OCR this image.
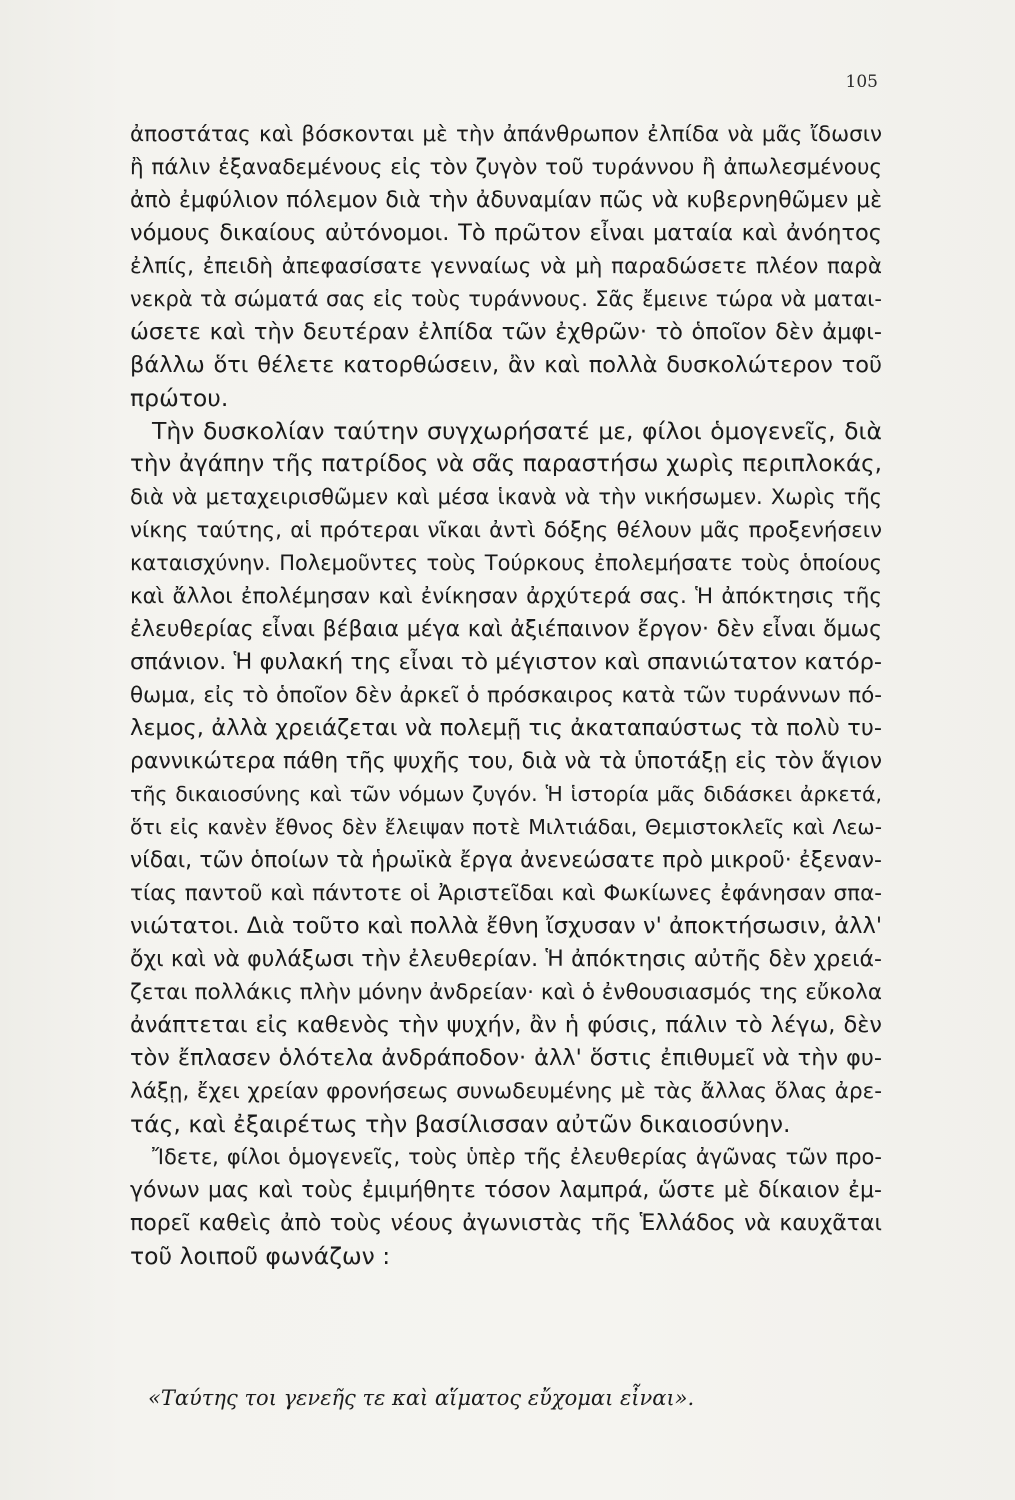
105
ἀποστάτας καὶ βόσκονται μὲ τὴν ἀπάνθρωπον ἐλπίδα νὰ μᾶς ἴδωσιν
ἢ πάλιν ἐξαναδεμένους εἰς τὸν ζυγὸν τοῦ τυράννου ἢ ἀπωλεσμένους
ἀπὸ ἐμφύλιον πόλεμον διὰ τὴν ἀδυναμίαν πῶς νὰ κυβερνηθῶμεν μὲ
νόμους δικαίους αὐτόνομοι. Τὸ πρῶτον εἶναι ματαία καὶ ἀνόητος
ἐλπίς, ἐπειδὴ ἀπεφασίσατε γενναίως νὰ μὴ παραδώσετε πλέον παρὰ
νεκρὰ τὰ σώματά σας εἰς τοὺς τυράννους. Σᾶς ἔμεινε τώρα νὰ μαται-
ώσετε καὶ τὴν δευτέραν ἐλπίδα τῶν ἐχθρῶν· τὸ ὁποῖον δὲν ἀμφι-
βάλλω ὅτι θέλετε κατορθώσειν, ἂν καὶ πολλὰ δυσκολώτερον τοῦ
πρώτου.
Τὴν δυσκολίαν ταύτην συγχωρήσατέ με, φίλοι ὁμογενεῖς, διὰ
τὴν ἀγάπην τῆς πατρίδος νὰ σᾶς παραστήσω χωρὶς περιπλοκάς,
διὰ νὰ μεταχειρισθῶμεν καὶ μέσα ἱκανὰ νὰ τὴν νικήσωμεν. Χωρὶς τῆς
νίκης ταύτης, αἱ πρότεραι νῖκαι ἀντὶ δόξης θέλουν μᾶς προξενήσειν
καταισχύνην. Πολεμοῦντες τοὺς Τούρκους ἐπολεμήσατε τοὺς ὁποίους
καὶ ἄλλοι ἐπολέμησαν καὶ ἐνίκησαν ἀρχύτερά σας. Ἡ ἀπόκτησις τῆς
ἐλευθερίας εἶναι βέβαια μέγα καὶ ἀξιέπαινον ἔργον· δὲν εἶναι ὅμως
σπάνιον. Ἡ φυλακή της εἶναι τὸ μέγιστον καὶ σπανιώτατον κατόρ-
θωμα, εἰς τὸ ὁποῖον δὲν ἀρκεῖ ὁ πρόσκαιρος κατὰ τῶν τυράννων πό-
λεμος, ἀλλὰ χρειάζεται νὰ πολεμῇ τις ἀκαταπαύστως τὰ πολὺ τυ-
ραννικώτερα πάθη τῆς ψυχῆς του, διὰ νὰ τὰ ὑποτάξῃ εἰς τὸν ἅγιον
τῆς δικαιοσύνης καὶ τῶν νόμων ζυγόν. Ἡ ἱστορία μᾶς διδάσκει ἀρκετά,
ὅτι εἰς κανὲν ἔθνος δὲν ἔλειψαν ποτὲ Μιλτιάδαι, Θεμιστοκλεῖς καὶ Λεω-
νίδαι, τῶν ὁποίων τὰ ἡρωϊκὰ ἔργα ἀνενεώσατε πρὸ μικροῦ· ἐξεναν-
τίας παντοῦ καὶ πάντοτε οἱ Ἀριστεῖδαι καὶ Φωκίωνες ἐφάνησαν σπα-
νιώτατοι. Διὰ τοῦτο καὶ πολλὰ ἔθνη ἴσχυσαν ν' ἀποκτήσωσιν, ἀλλ'
ὄχι καὶ νὰ φυλάξωσι τὴν ἐλευθερίαν. Ἡ ἀπόκτησις αὐτῆς δὲν χρειά-
ζεται πολλάκις πλὴν μόνην ἀνδρείαν· καὶ ὁ ἐνθουσιασμός της εὔκολα
ἀνάπτεται εἰς καθενὸς τὴν ψυχήν, ἂν ἡ φύσις, πάλιν τὸ λέγω, δὲν
τὸν ἔπλασεν ὁλότελα ἀνδράποδον· ἀλλ' ὅστις ἐπιθυμεῖ νὰ τὴν φυ-
λάξῃ, ἔχει χρείαν φρονήσεως συνωδευμένης μὲ τὰς ἄλλας ὅλας ἀρε-
τάς, καὶ ἐξαιρέτως τὴν βασίλισσαν αὐτῶν δικαιοσύνην.
Ἴδετε, φίλοι ὁμογενεῖς, τοὺς ὑπὲρ τῆς ἐλευθερίας ἀγῶνας τῶν προ-
γόνων μας καὶ τοὺς ἐμιμήθητε τόσον λαμπρά, ὥστε μὲ δίκαιον ἐμ-
πορεῖ καθεὶς ἀπὸ τοὺς νέους ἀγωνιστὰς τῆς Ἑλλάδος νὰ καυχᾶται
τοῦ λοιποῦ φωνάζων :
«Ταύτης τοι γενεῆς τε καὶ αἵματος εὔχομαι εἶναι».
